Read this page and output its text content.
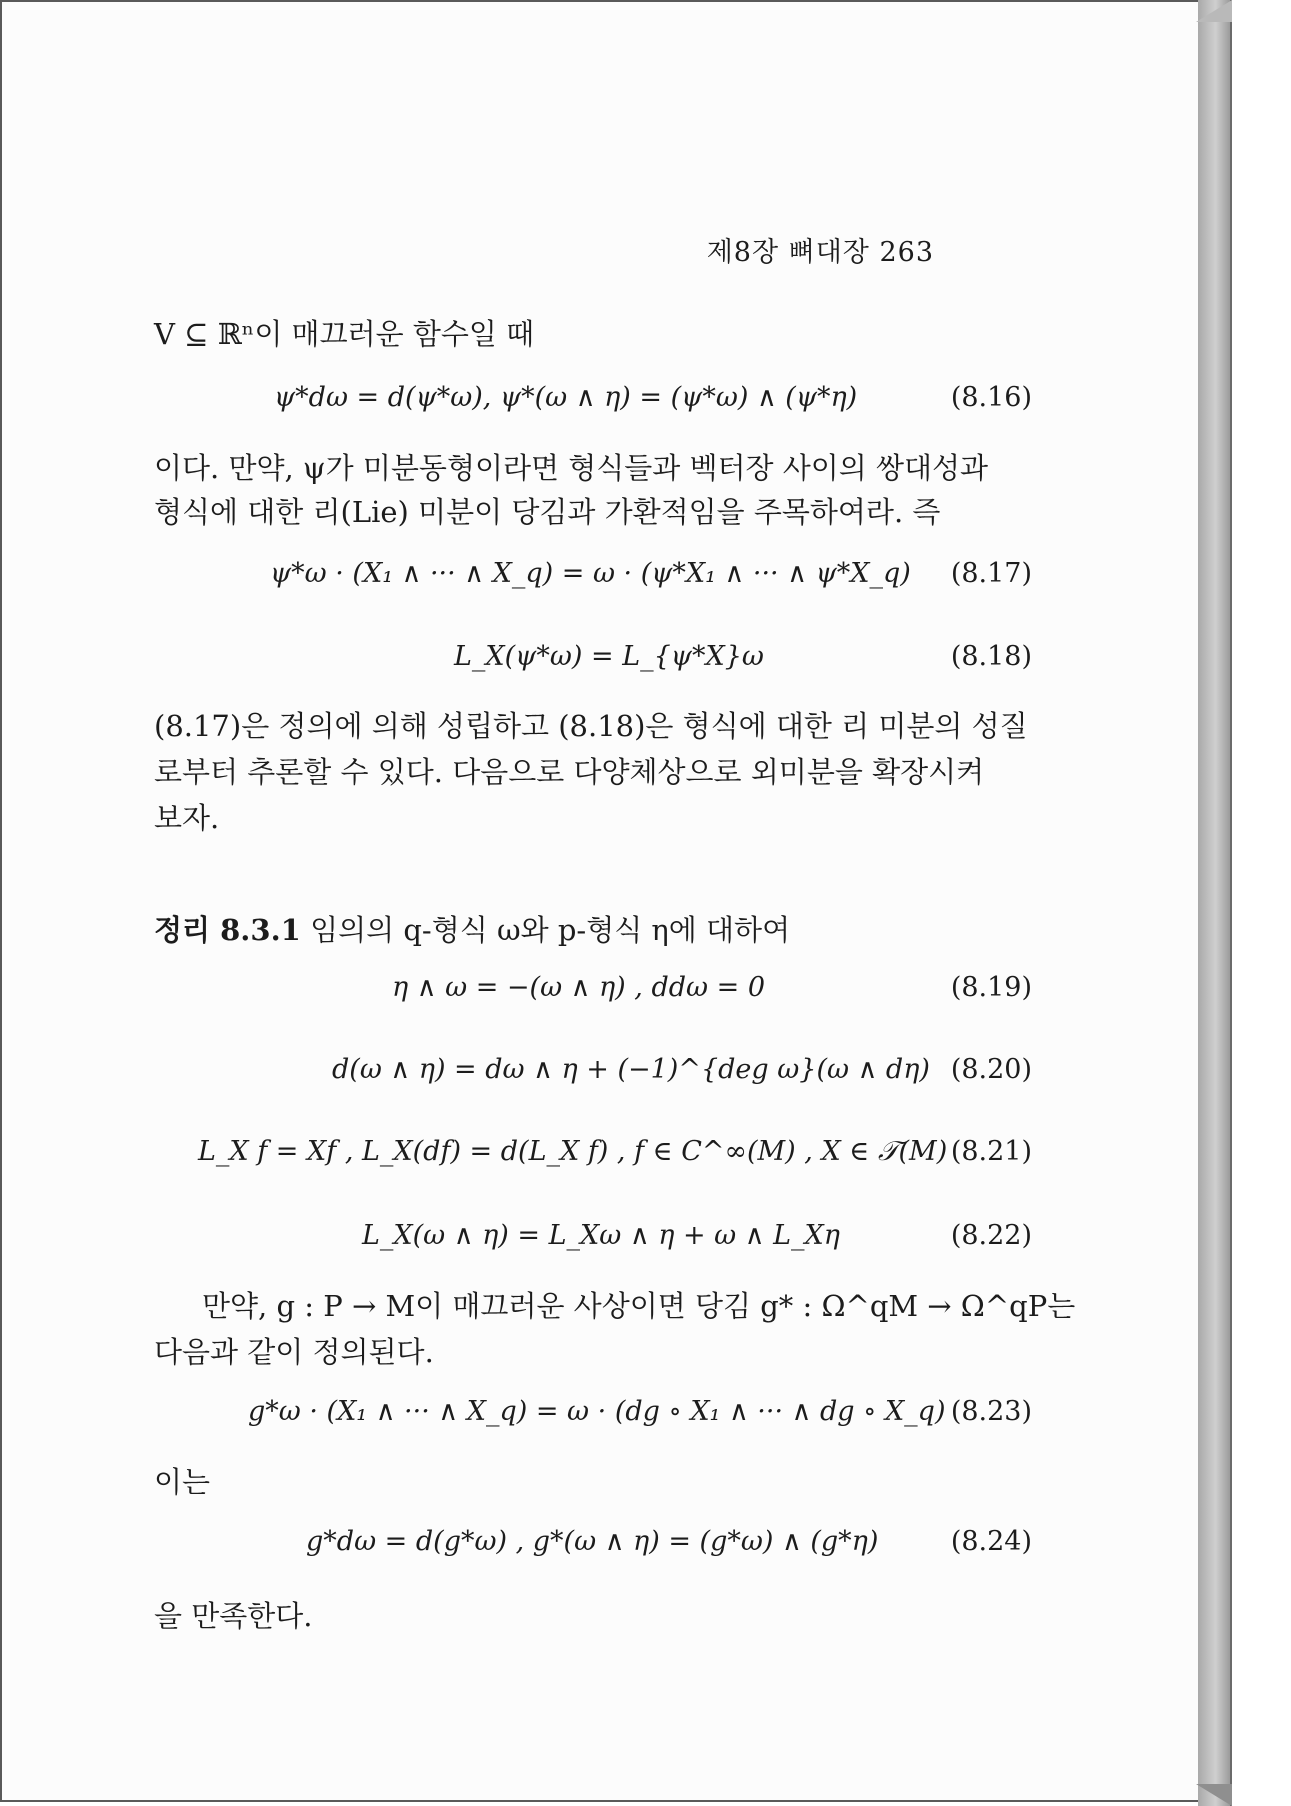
제8장 뼈대장 263
V ⊆ ℝⁿ이 매끄러운 함수일 때
ψ*dω = d(ψ*ω), ψ*(ω ∧ η) = (ψ*ω) ∧ (ψ*η)	(8.16)
이다. 만약, ψ가 미분동형이라면 형식들과 벡터장 사이의 쌍대성과
형식에 대한 리(Lie) 미분이 당김과 가환적임을 주목하여라. 즉
ψ*ω · (X₁ ∧ ··· ∧ X_q) = ω · (ψ*X₁ ∧ ··· ∧ ψ*X_q) (8.17)
L_X(ψ*ω) = L_{ψ*X}ω	(8.18)
(8.17)은 정의에 의해 성립하고 (8.18)은 형식에 대한 리 미분의 성질
로부터 추론할 수 있다. 다음으로 다양체상으로 외미분을 확장시켜
보자.
정리 8.3.1 임의의 q-형식 ω와 p-형식 η에 대하여
η ∧ ω = −(ω ∧ η) , ddω = 0	(8.19)
d(ω ∧ η) = dω ∧ η + (−1)^{deg ω}(ω ∧ dη) (8.20)
L_X f = Xf , L_X(df) = d(L_X f) , f ∈ C^∞(M) , X ∈ 𝒯(M) (8.21)
L_X(ω ∧ η) = L_Xω ∧ η + ω ∧ L_Xη	(8.22)
만약, g : P → M이 매끄러운 사상이면 당김 g* : Ω^qM → Ω^qP는
다음과 같이 정의된다.
g*ω · (X₁ ∧ ··· ∧ X_q) = ω · (dg ∘ X₁ ∧ ··· ∧ dg ∘ X_q) (8.23)
이는
g*dω = d(g*ω) , g*(ω ∧ η) = (g*ω) ∧ (g*η)	(8.24)
을 만족한다.
